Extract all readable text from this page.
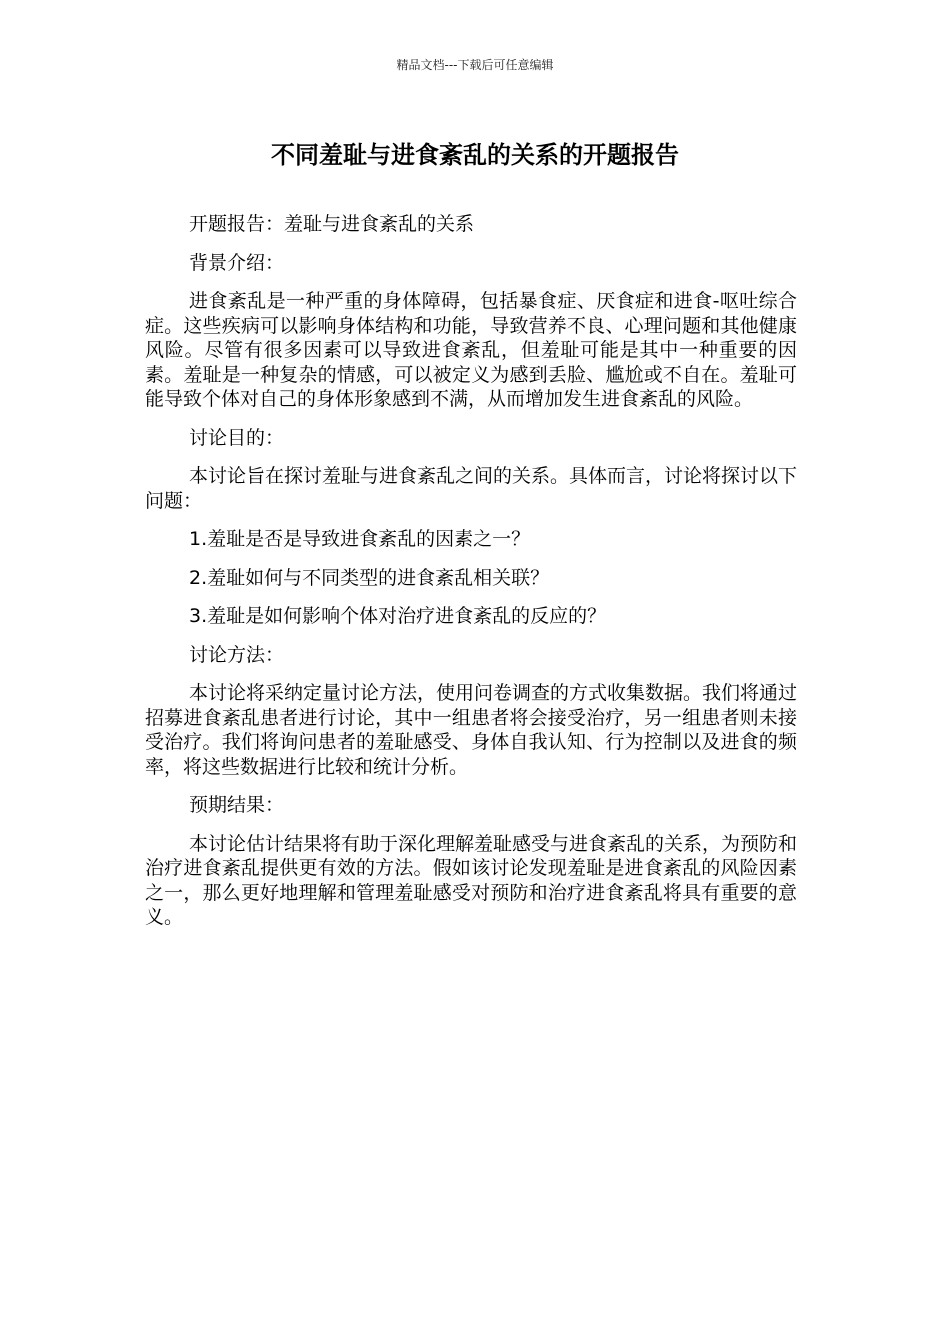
精品文档---下载后可任意编辑
不同羞耻与进食紊乱的关系的开题报告

开题报告：羞耻与进食紊乱的关系

背景介绍：

进食紊乱是一种严重的身体障碍，包括暴食症、厌食症和进食-呕吐综合症。这些疾病可以影响身体结构和功能，导致营养不良、心理问题和其他健康风险。尽管有很多因素可以导致进食紊乱，但羞耻可能是其中一种重要的因素。羞耻是一种复杂的情感，可以被定义为感到丢脸、尴尬或不自在。羞耻可能导致个体对自己的身体形象感到不满，从而增加发生进食紊乱的风险。

讨论目的：

本讨论旨在探讨羞耻与进食紊乱之间的关系。具体而言，讨论将探讨以下问题：

1.羞耻是否是导致进食紊乱的因素之一？

2.羞耻如何与不同类型的进食紊乱相关联？

3.羞耻是如何影响个体对治疗进食紊乱的反应的？

讨论方法：

本讨论将采纳定量讨论方法，使用问卷调查的方式收集数据。我们将通过招募进食紊乱患者进行讨论，其中一组患者将会接受治疗，另一组患者则未接受治疗。我们将询问患者的羞耻感受、身体自我认知、行为控制以及进食的频率，将这些数据进行比较和统计分析。

预期结果：

本讨论估计结果将有助于深化理解羞耻感受与进食紊乱的关系，为预防和治疗进食紊乱提供更有效的方法。假如该讨论发现羞耻是进食紊乱的风险因素之一，那么更好地理解和管理羞耻感受对预防和治疗进食紊乱将具有重要的意义。
